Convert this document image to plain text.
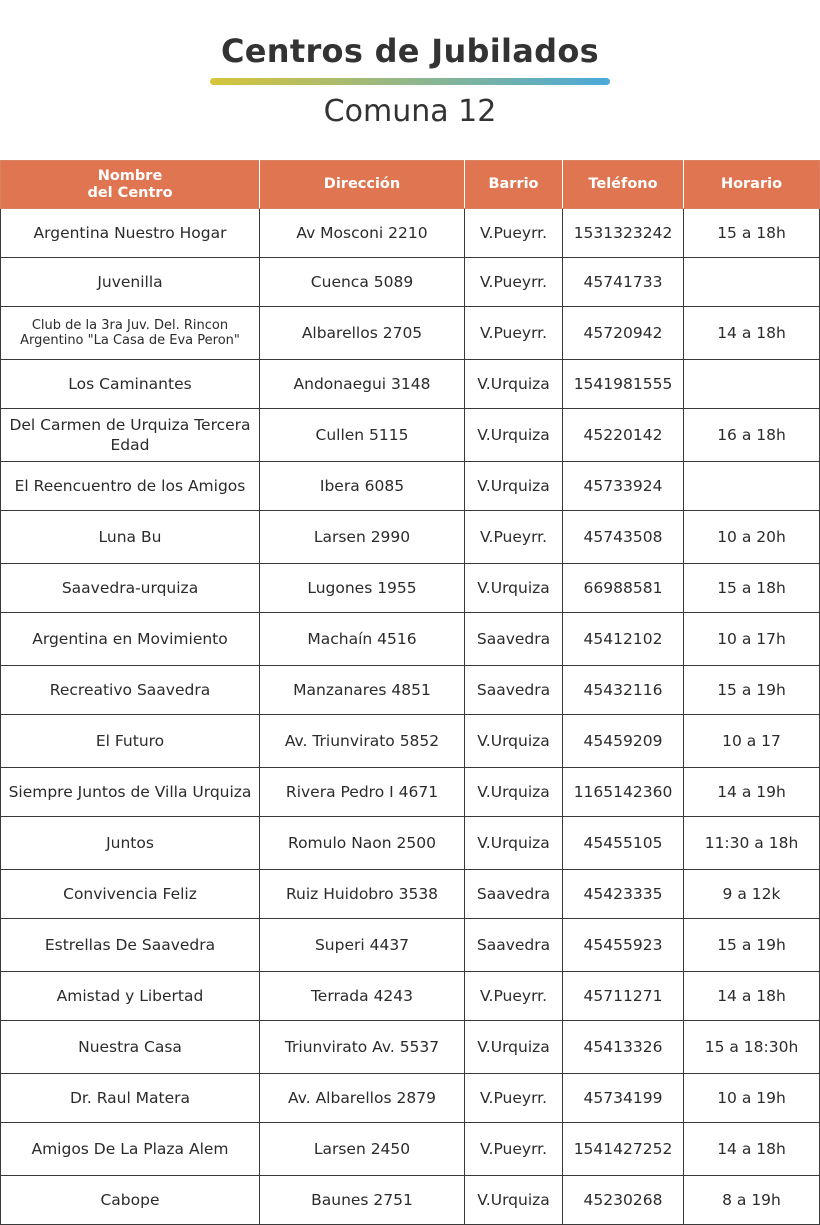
Centros de Jubilados
Comuna 12
Nombre
del Centro	Dirección	Barrio	Teléfono	Horario
Argentina Nuestro Hogar	Av Mosconi 2210	V.Pueyrr.	1531323242	15 a 18h
Juvenilla	Cuenca 5089	V.Pueyrr.	45741733	
Club de la 3ra Juv. Del. Rincon Argentino "La Casa de Eva Peron"	Albarellos 2705	V.Pueyrr.	45720942	14 a 18h
Los Caminantes	Andonaegui 3148	V.Urquiza	1541981555	
Del Carmen de Urquiza Tercera Edad	Cullen 5115	V.Urquiza	45220142	16 a 18h
El Reencuentro de los Amigos	Ibera 6085	V.Urquiza	45733924	
Luna Bu	Larsen 2990	V.Pueyrr.	45743508	10 a 20h
Saavedra-urquiza	Lugones 1955	V.Urquiza	66988581	15 a 18h
Argentina en Movimiento	Machaín 4516	Saavedra	45412102	10 a 17h
Recreativo Saavedra	Manzanares 4851	Saavedra	45432116	15 a 19h
El Futuro	Av. Triunvirato 5852	V.Urquiza	45459209	10 a 17
Siempre Juntos de Villa Urquiza	Rivera Pedro I 4671	V.Urquiza	1165142360	14 a 19h
Juntos	Romulo Naon 2500	V.Urquiza	45455105	11:30 a 18h
Convivencia Feliz	Ruiz Huidobro 3538	Saavedra	45423335	9 a 12k
Estrellas De Saavedra	Superi 4437	Saavedra	45455923	15 a 19h
Amistad y Libertad	Terrada 4243	V.Pueyrr.	45711271	14 a 18h
Nuestra Casa	Triunvirato Av. 5537	V.Urquiza	45413326	15 a 18:30h
Dr. Raul Matera	Av. Albarellos 2879	V.Pueyrr.	45734199	10 a 19h
Amigos De La Plaza Alem	Larsen 2450	V.Pueyrr.	1541427252	14 a 18h
Cabope	Baunes 2751	V.Urquiza	45230268	8 a 19h
